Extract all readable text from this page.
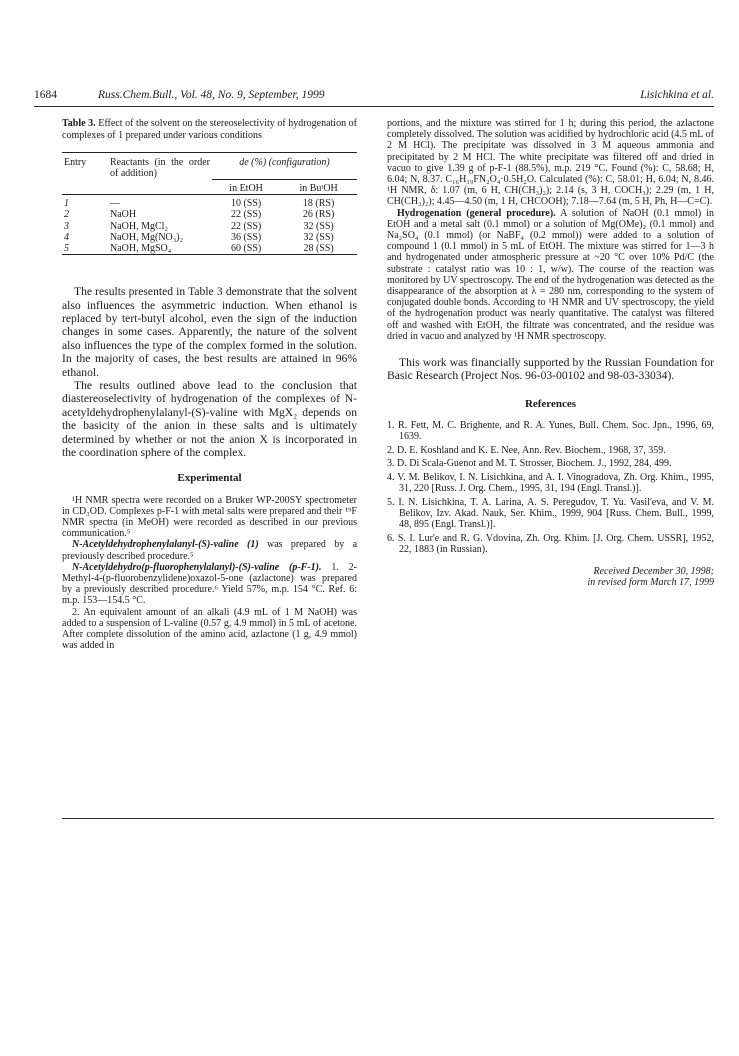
1684	Russ.Chem.Bull., Vol. 48, No. 9, September, 1999	Lisichkina et al.
Table 3. Effect of the solvent on the stereoselectivity of hydrogenation of complexes of 1 prepared under various conditions
Entry	Reactants (in the order of addition)	de (%) (configuration)	
		in EtOH	in BuᵗOH
1	—	10 (SS)	18 (RS)
2	NaOH	22 (SS)	26 (RS)
3	NaOH, MgCl₂	22 (SS)	32 (SS)
4	NaOH, Mg(NO₃)₂	36 (SS)	32 (SS)
5	NaOH, MgSO₄	60 (SS)	28 (SS)

The results presented in Table 3 demonstrate that the solvent also influences the asymmetric induction. When ethanol is replaced by tert-butyl alcohol, even the sign of the induction changes in some cases. Apparently, the nature of the solvent also influences the type of the complex formed in the solution. In the majority of cases, the best results are attained in 96% ethanol.

The results outlined above lead to the conclusion that diastereoselectivity of hydrogenation of the complexes of N-acetyldehydrophenylalanyl-(S)-valine with MgX₂ depends on the basicity of the anion in these salts and is ultimately determined by whether or not the anion X is incorporated in the coordination sphere of the complex.

Experimental

¹H NMR spectra were recorded on a Bruker WP-200SY spectrometer in CD₃OD. Complexes p-F-1 with metal salts were prepared and their ¹⁹F NMR spectra (in MeOH) were recorded as described in our previous communication.⁵

N-Acetyldehydrophenylalanyl-(S)-valine (1) was prepared by a previously described procedure.⁵

N-Acetyldehydro(p-fluorophenylalanyl)-(S)-valine (p-F-1). 1. 2-Methyl-4-(p-fluorobenzylidene)oxazol-5-one (azlactone) was prepared by a previously described procedure.⁶ Yield 57%, m.p. 154 °C. Ref. 6: m.p. 153—154.5 °C.

2. An equivalent amount of an alkali (4.9 mL of 1 M NaOH) was added to a suspension of L-valine (0.57 g, 4.9 mmol) in 5 mL of acetone. After complete dissolution of the amino acid, azlactone (1 g, 4.9 mmol) was added in

portions, and the mixture was stirred for 1 h; during this period, the azlactone completely dissolved. The solution was acidified by hydrochloric acid (4.5 mL of 2 M HCl). The precipitate was dissolved in 3 M aqueous ammonia and precipitated by 2 M HCl. The white precipitate was filtered off and dried in vacuo to give 1.39 g of p-F-1 (88.5%), m.p. 219 °C. Found (%): C, 58.68; H, 6.04; N, 8.37. C₁₆H₁₉FN₂O₄·0.5H₂O. Calculated (%): C, 58.01; H, 6.04; N, 8.46. ¹H NMR, δ: 1.07 (m, 6 H, CH(CH₃)₂); 2.14 (s, 3 H, COCH₃); 2.29 (m, 1 H, CH(CH₃)₂); 4.45—4.50 (m, 1 H, CHCOOH); 7.18—7.64 (m, 5 H, Ph, H—C=C).

Hydrogenation (general procedure). A solution of NaOH (0.1 mmol) in EtOH and a metal salt (0.1 mmol) or a solution of Mg(OMe)₂ (0.1 mmol) and Na₂SO₄ (0.1 mmol) (or NaBF₄ (0.2 mmol)) were added to a solution of compound 1 (0.1 mmol) in 5 mL of EtOH. The mixture was stirred for 1—3 h and hydrogenated under atmospheric pressure at ~20 °C over 10% Pd/C (the substrate : catalyst ratio was 10 : 1, w/w). The course of the reaction was monitored by UV spectroscopy. The end of the hydrogenation was detected as the disappearance of the absorption at λ = 280 nm, corresponding to the system of conjugated double bonds. According to ¹H NMR and UV spectroscopy, the yield of the hydrogenation product was nearly quantitative. The catalyst was filtered off and washed with EtOH, the filtrate was concentrated, and the residue was dried in vacuo and analyzed by ¹H NMR spectroscopy.

This work was financially supported by the Russian Foundation for Basic Research (Project Nos. 96-03-00102 and 98-03-33034).

References

1. R. Fett, M. C. Brighente, and R. A. Yunes, Bull. Chem. Soc. Jpn., 1996, 69, 1639.

2. D. E. Koshland and K. E. Nee, Ann. Rev. Biochem., 1968, 37, 359.

3. D. Di Scala-Guenot and M. T. Strosser, Biochem. J., 1992, 284, 499.

4. V. M. Belikov, I. N. Lisichkina, and A. I. Vinogradova, Zh. Org. Khim., 1995, 31, 220 [Russ. J. Org. Chem., 1995, 31, 194 (Engl. Transl.)].

5. I. N. Lisichkina, T. A. Larina, A. S. Peregudov, T. Yu. Vasil'eva, and V. M. Belikov, Izv. Akad. Nauk, Ser. Khim., 1999, 904 [Russ. Chem. Bull., 1999, 48, 895 (Engl. Transl.)].

6. S. I. Lur'e and R. G. Vdovina, Zh. Org. Khim. [J. Org. Chem. USSR], 1952, 22, 1883 (in Russian).

Received December 30, 1998;
in revised form March 17, 1999
